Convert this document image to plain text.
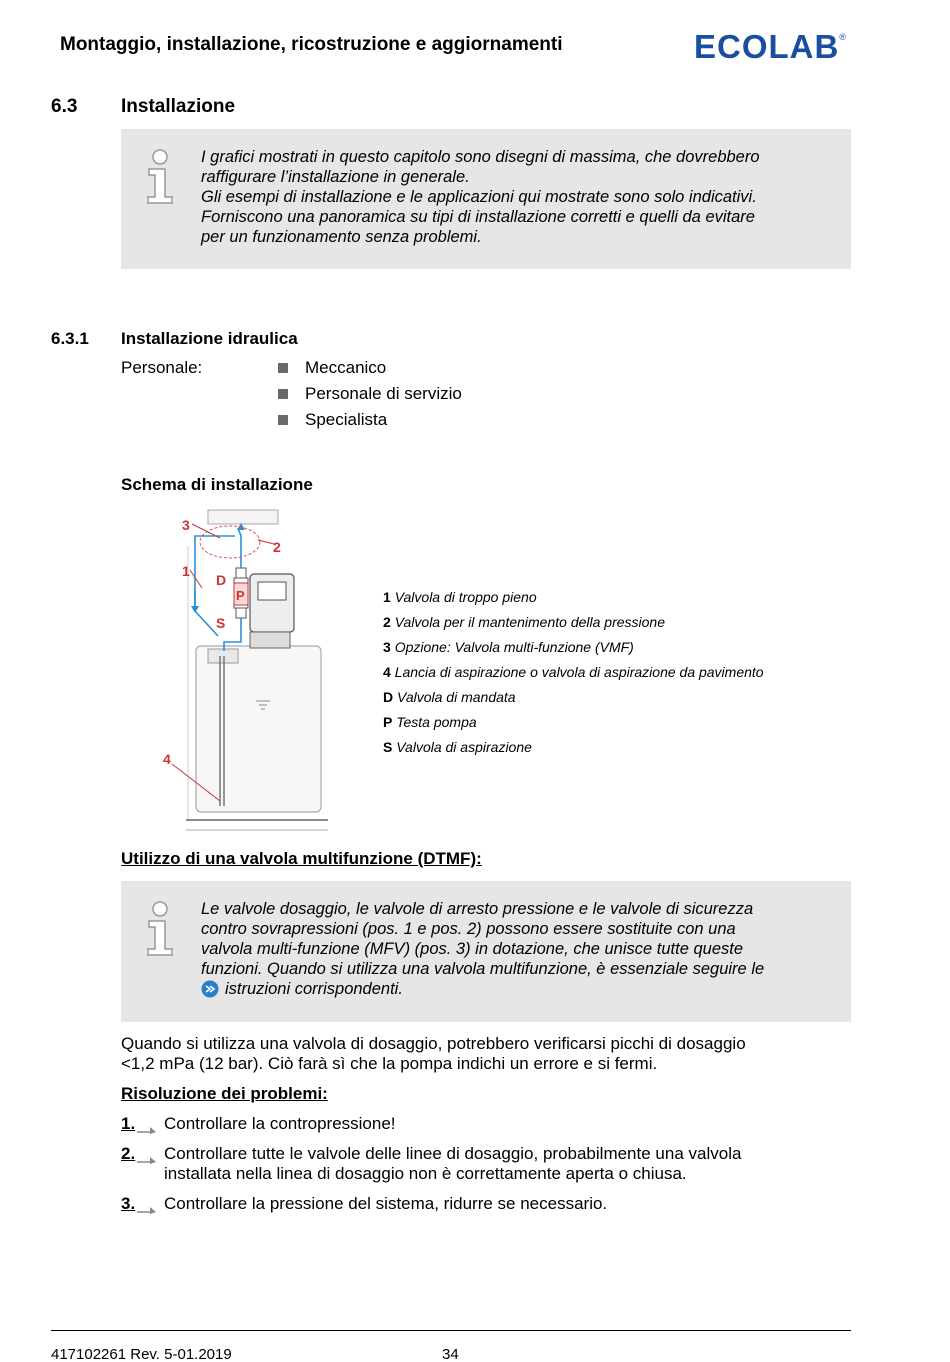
Montaggio, installazione, ricostruzione e aggiornamenti	ECOLAB®
6.3 Installazione
I grafici mostrati in questo capitolo sono disegni di massima, che dovrebbero
raffigurare l’installazione in generale.
Gli esempi di installazione e le applicazioni qui mostrate sono solo indicativi.
Forniscono una panoramica su tipi di installazione corretti e quelli da evitare
per un funzionamento senza problemi.
6.3.1 Installazione idraulica
Personale:	Meccanico
Personale di servizio
Specialista
Schema di installazione
3
2
1
D
P
S
4
1 Valvola di troppo pieno
2 Valvola per il mantenimento della pressione
3 Opzione: Valvola multi-funzione (VMF)
4 Lancia di aspirazione o valvola di aspirazione da pavimento
D Valvola di mandata
P Testa pompa
S Valvola di aspirazione
Utilizzo di una valvola multifunzione (DTMF):
Le valvole dosaggio, le valvole di arresto pressione e le valvole di sicurezza
contro sovrapressioni (pos. 1 e pos. 2) possono essere sostituite con una
valvola multi-funzione (MFV) (pos. 3) in dotazione, che unisce tutte queste
funzioni. Quando si utilizza una valvola multifunzione, è essenziale seguire le
istruzioni corrispondenti.
Quando si utilizza una valvola di dosaggio, potrebbero verificarsi picchi di dosaggio
<1,2 mPa (12 bar). Ciò farà sì che la pompa indichi un errore e si fermi.
Risoluzione dei problemi:
1. Controllare la contropressione!
2. Controllare tutte le valvole delle linee di dosaggio, probabilmente una valvola
installata nella linea di dosaggio non è correttamente aperta o chiusa.
3. Controllare la pressione del sistema, ridurre se necessario.
417102261 Rev. 5-01.2019	34
